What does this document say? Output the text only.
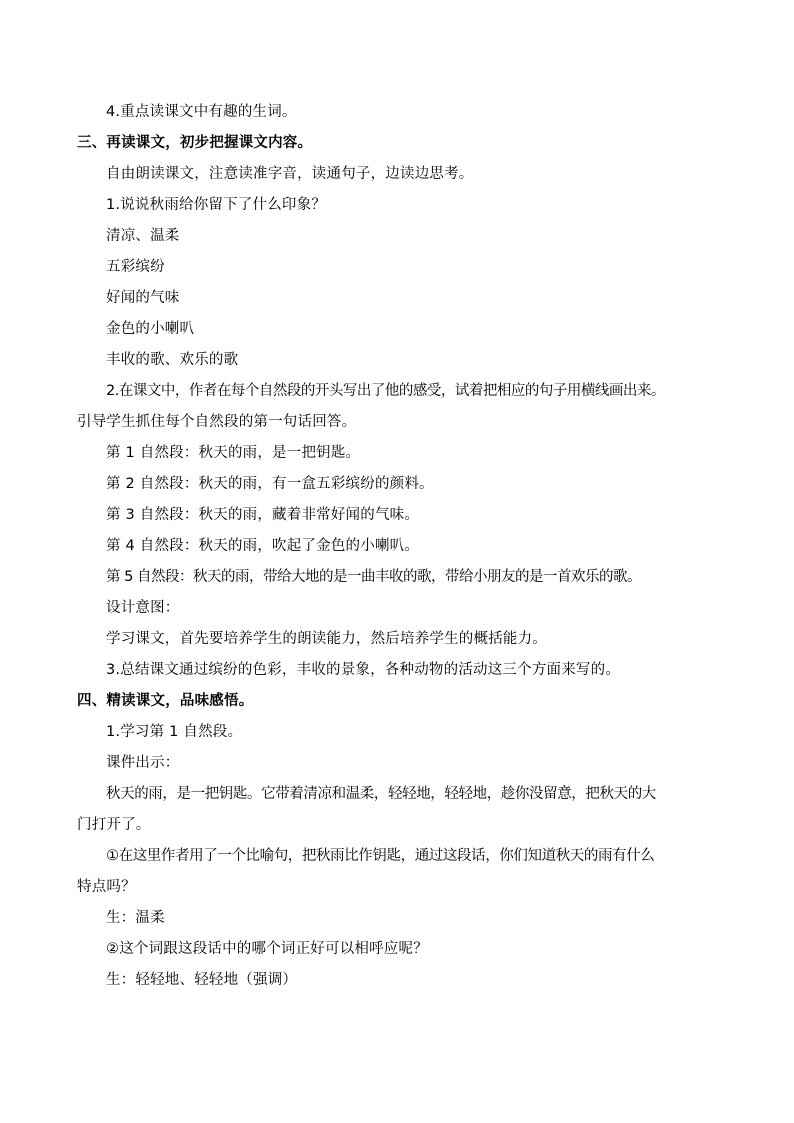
4.重点读课文中有趣的生词。
三、再读课文，初步把握课文内容。
自由朗读课文，注意读准字音，读通句子，边读边思考。
1.说说秋雨给你留下了什么印象？
清凉、温柔
五彩缤纷
好闻的气味
金色的小喇叭
丰收的歌、欢乐的歌
2.在课文中，作者在每个自然段的开头写出了他的感受，试着把相应的句子用横线画出来。
引导学生抓住每个自然段的第一句话回答。
第 1 自然段：秋天的雨，是一把钥匙。
第 2 自然段：秋天的雨，有一盒五彩缤纷的颜料。
第 3 自然段：秋天的雨，藏着非常好闻的气味。
第 4 自然段：秋天的雨，吹起了金色的小喇叭。
第 5 自然段：秋天的雨，带给大地的是一曲丰收的歌，带给小朋友的是一首欢乐的歌。
设计意图：
学习课文，首先要培养学生的朗读能力，然后培养学生的概括能力。
3.总结课文通过缤纷的色彩，丰收的景象，各种动物的活动这三个方面来写的。
四、精读课文，品味感悟。
1.学习第 1 自然段。
课件出示：
秋天的雨，是一把钥匙。它带着清凉和温柔，轻轻地，轻轻地，趁你没留意，把秋天的大
门打开了。
①在这里作者用了一个比喻句，把秋雨比作钥匙，通过这段话，你们知道秋天的雨有什么
特点吗？
生：温柔
②这个词跟这段话中的哪个词正好可以相呼应呢？
生：轻轻地、轻轻地（强调）
